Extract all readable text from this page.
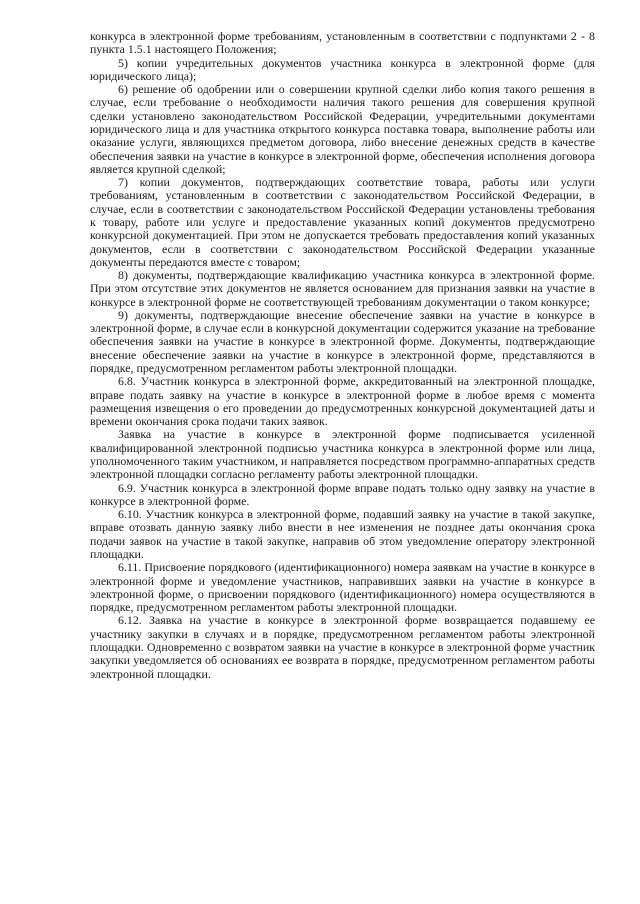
конкурса в электронной форме требованиям, установленным в соответствии с подпунктами 2 - 8 пункта 1.5.1 настоящего Положения;

5) копии учредительных документов участника конкурса в электронной форме (для юридического лица);

6) решение об одобрении или о совершении крупной сделки либо копия такого решения в случае, если требование о необходимости наличия такого решения для совершения крупной сделки установлено законодательством Российской Федерации, учредительными документами юридического лица и для участника открытого конкурса поставка товара, выполнение работы или оказание услуги, являющихся предметом договора, либо внесение денежных средств в качестве обеспечения заявки на участие в конкурсе в электронной форме, обеспечения исполнения договора является крупной сделкой;

7) копии документов, подтверждающих соответствие товара, работы или услуги требованиям, установленным в соответствии с законодательством Российской Федерации, в случае, если в соответствии с законодательством Российской Федерации установлены требования к товару, работе или услуге и предоставление указанных копий документов предусмотрено конкурсной документацией. При этом не допускается требовать предоставления копий указанных документов, если в соответствии с законодательством Российской Федерации указанные документы передаются вместе с товаром;

8) документы, подтверждающие квалификацию участника конкурса в электронной форме. При этом отсутствие этих документов не является основанием для признания заявки на участие в конкурсе в электронной форме не соответствующей требованиям документации о таком конкурсе;

9) документы, подтверждающие внесение обеспечение заявки на участие в конкурсе в электронной форме, в случае если в конкурсной документации содержится указание на требование обеспечения заявки на участие в конкурсе в электронной форме. Документы, подтверждающие внесение обеспечение заявки на участие в конкурсе в электронной форме, представляются в порядке, предусмотренном регламентом работы электронной площадки.

6.8. Участник конкурса в электронной форме, аккредитованный на электронной площадке, вправе подать заявку на участие в конкурсе в электронной форме в любое время с момента размещения извещения о его проведении до предусмотренных конкурсной документацией даты и времени окончания срока подачи таких заявок.

Заявка на участие в конкурсе в электронной форме подписывается усиленной квалифицированной электронной подписью участника конкурса в электронной форме или лица, уполномоченного таким участником, и направляется посредством программно-аппаратных средств электронной площадки согласно регламенту работы электронной площадки.

6.9. Участник конкурса в электронной форме вправе подать только одну заявку на участие в конкурсе в электронной форме.

6.10. Участник конкурса в электронной форме, подавший заявку на участие в такой закупке, вправе отозвать данную заявку либо внести в нее изменения не позднее даты окончания срока подачи заявок на участие в такой закупке, направив об этом уведомление оператору электронной площадки.

6.11. Присвоение порядкового (идентификационного) номера заявкам на участие в конкурсе в электронной форме и уведомление участников, направивших заявки на участие в конкурсе в электронной форме, о присвоении порядкового (идентификационного) номера осуществляются в порядке, предусмотренном регламентом работы электронной площадки.

6.12. Заявка на участие в конкурсе в электронной форме возвращается подавшему ее участнику закупки в случаях и в порядке, предусмотренном регламентом работы электронной площадки. Одновременно с возвратом заявки на участие в конкурсе в электронной форме участник закупки уведомляется об основаниях ее возврата в порядке, предусмотренном регламентом работы электронной площадки.
